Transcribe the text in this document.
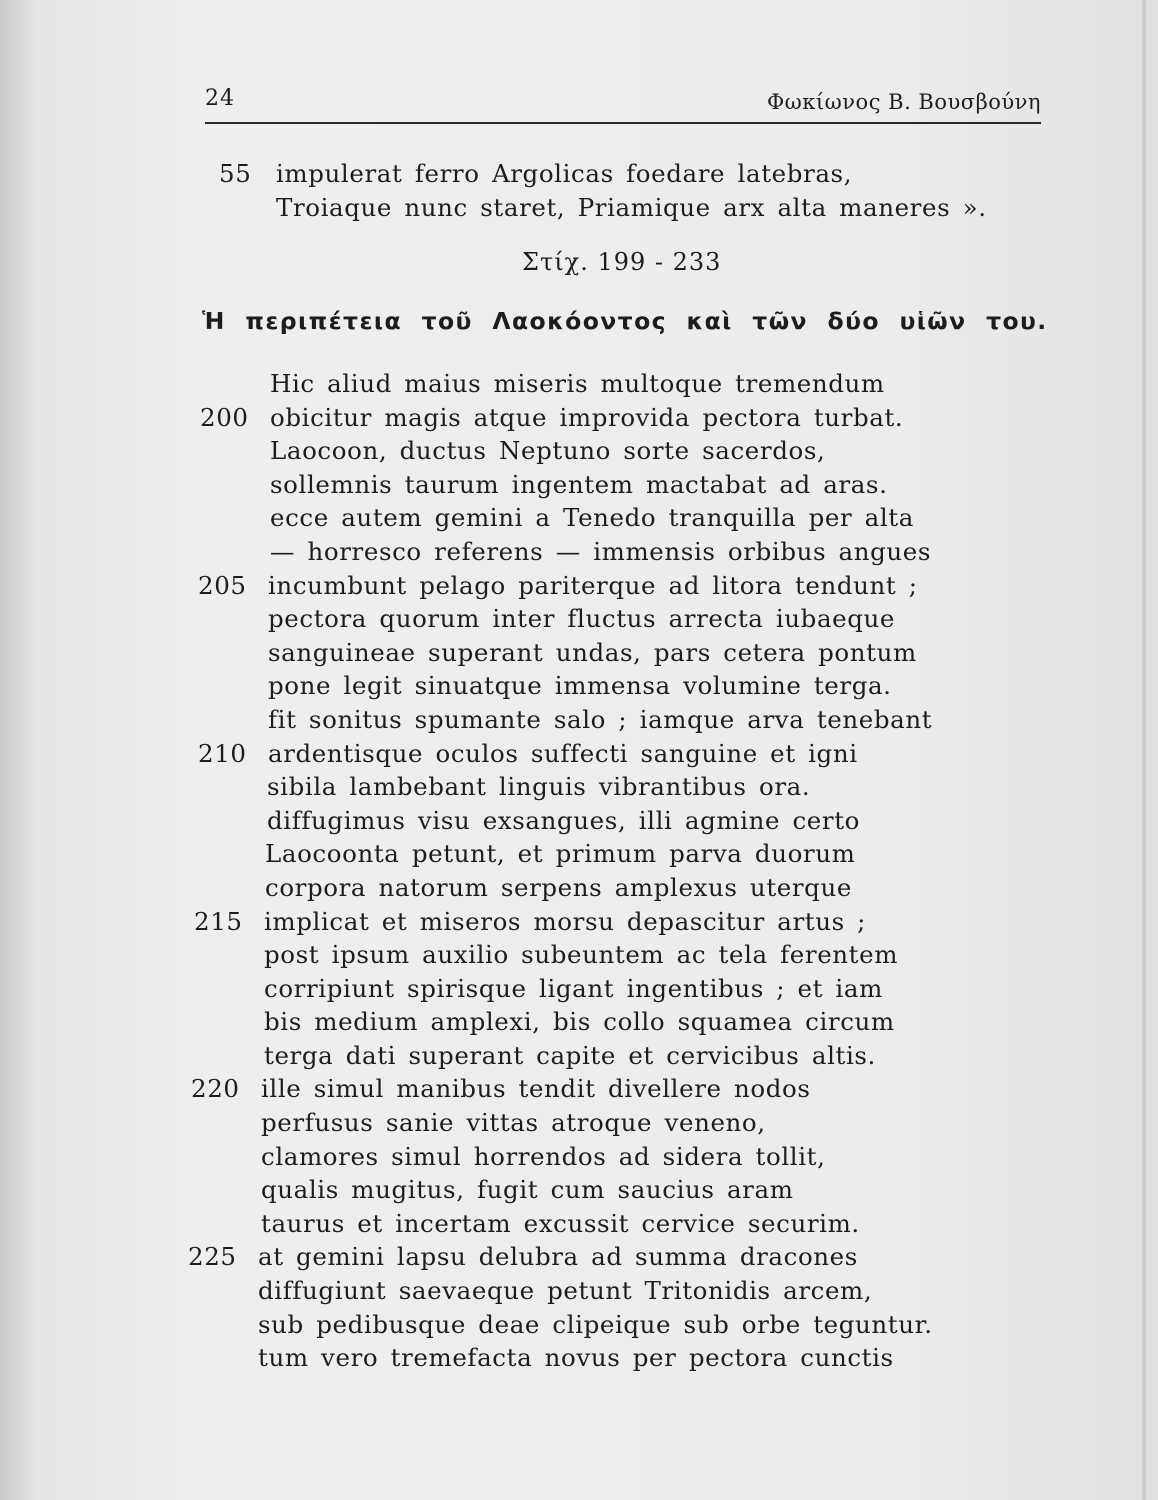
24	Φωκίωνος Β. Βουσβούνη
55	impulerat ferro Argolicas foedare latebras,
Troiaque nunc staret, Priamique arx alta maneres ».
Στίχ. 199 - 233
Ἡ περιπέτεια τοῦ Λαοκόοντος καὶ τῶν δύο υἱῶν του.
Hic aliud maius miseris multoque tremendum
200 obicitur magis atque improvida pectora turbat.
Laocoon, ductus Neptuno sorte sacerdos,
sollemnis taurum ingentem mactabat ad aras.
ecce autem gemini a Tenedo tranquilla per alta
— horresco referens — immensis orbibus angues
205 incumbunt pelago pariterque ad litora tendunt ;
pectora quorum inter fluctus arrecta iubaeque
sanguineae superant undas, pars cetera pontum
pone legit sinuatque immensa volumine terga.
fit sonitus spumante salo ; iamque arva tenebant
210 ardentisque oculos suffecti sanguine et igni
sibila lambebant linguis vibrantibus ora.
diffugimus visu exsangues, illi agmine certo
Laocoonta petunt, et primum parva duorum
corpora natorum serpens amplexus uterque
215 implicat et miseros morsu depascitur artus ;
post ipsum auxilio subeuntem ac tela ferentem
corripiunt spirisque ligant ingentibus ; et iam
bis medium amplexi, bis collo squamea circum
terga dati superant capite et cervicibus altis.
220 ille simul manibus tendit divellere nodos
perfusus sanie vittas atroque veneno,
clamores simul horrendos ad sidera tollit,
qualis mugitus, fugit cum saucius aram
taurus et incertam excussit cervice securim.
225 at gemini lapsu delubra ad summa dracones
diffugiunt saevaeque petunt Tritonidis arcem,
sub pedibusque deae clipeique sub orbe teguntur.
tum vero tremefacta novus per pectora cunctis
